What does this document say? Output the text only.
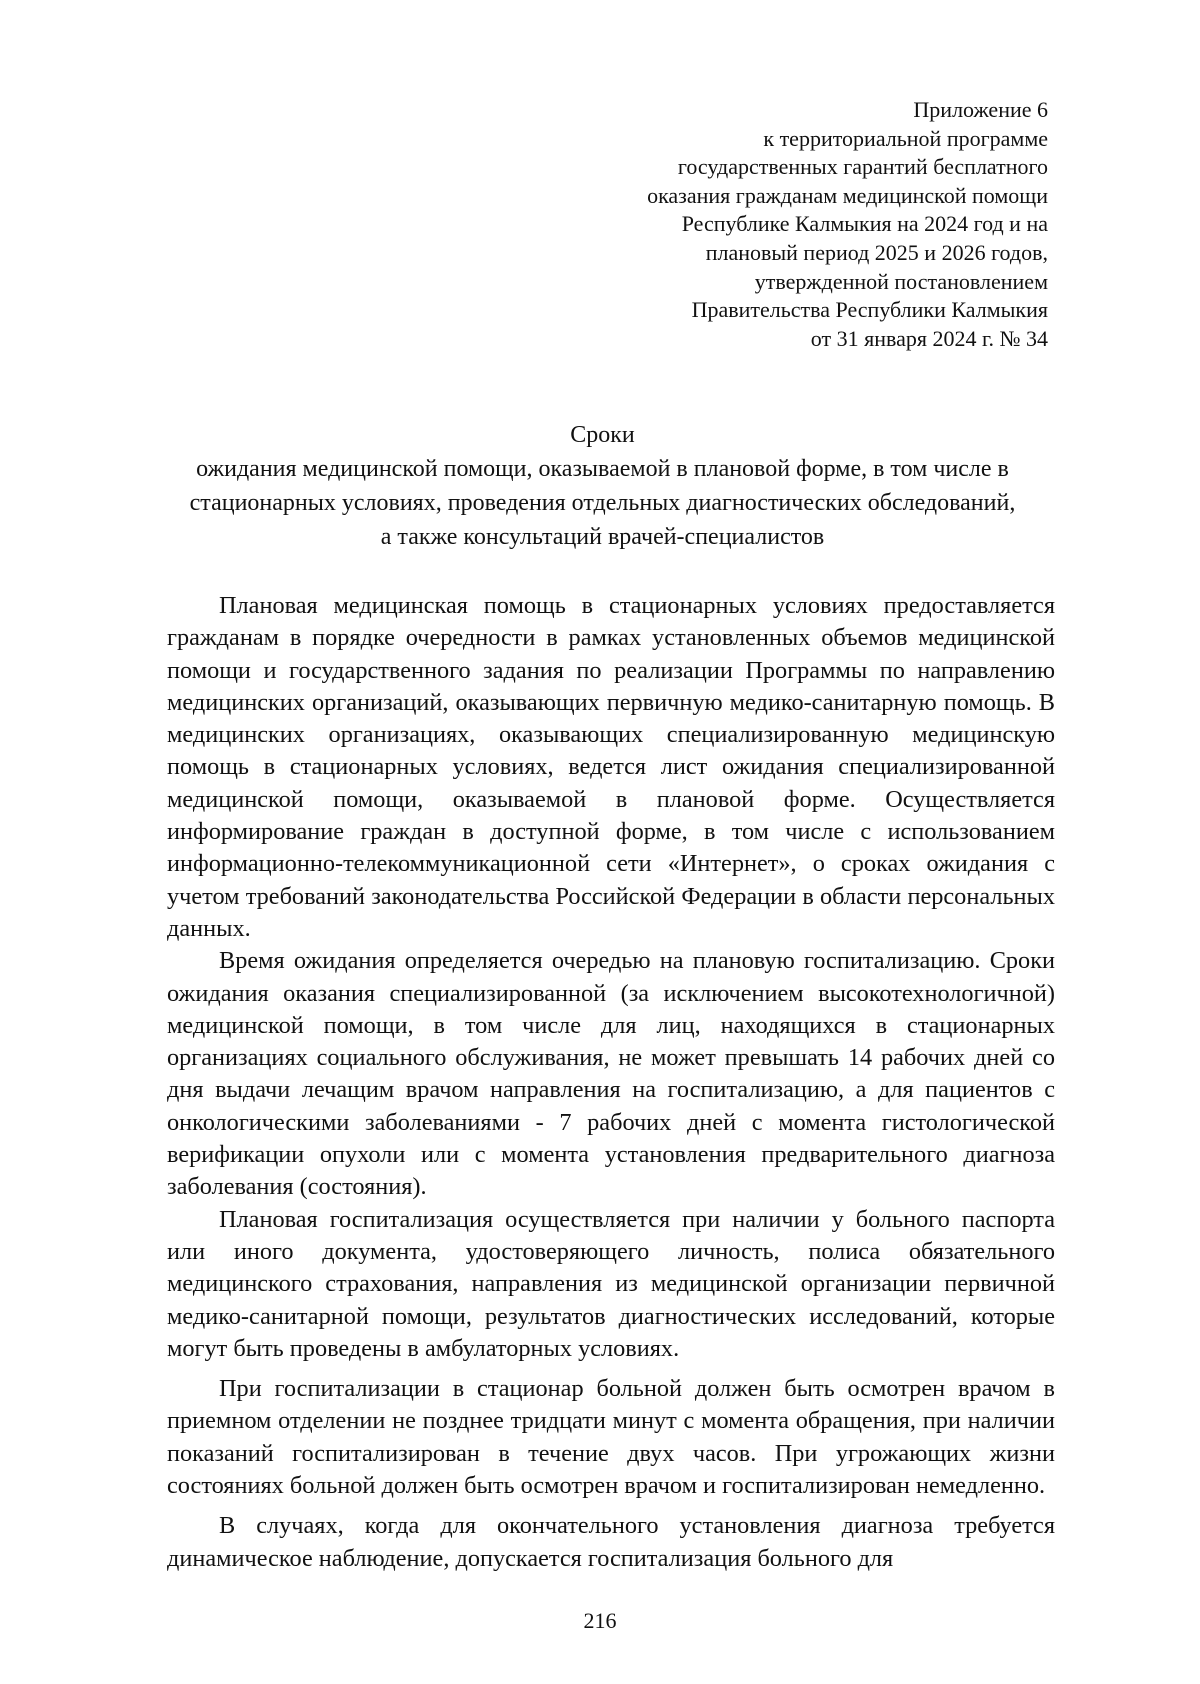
Приложение 6
к территориальной программе
государственных гарантий бесплатного
оказания гражданам медицинской помощи
Республике Калмыкия на 2024 год и на
плановый период 2025 и 2026 годов,
утвержденной постановлением
Правительства Республики Калмыкия
от 31 января 2024 г. № 34
Сроки
ожидания медицинской помощи, оказываемой в плановой форме, в том числе в
стационарных условиях, проведения отдельных диагностических обследований,
а также консультаций врачей-специалистов

Плановая медицинская помощь в стационарных условиях предоставляется гражданам в порядке очередности в рамках установленных объемов медицинской помощи и государственного задания по реализации Программы по направлению медицинских организаций, оказывающих первичную медико-санитарную помощь. В медицинских организациях, оказывающих специализированную медицинскую помощь в стационарных условиях, ведется лист ожидания специализированной медицинской помощи, оказываемой в плановой форме. Осуществляется информирование граждан в доступной форме, в том числе с использованием информационно-телекоммуникационной сети «Интернет», о сроках ожидания с учетом требований законодательства Российской Федерации в области персональных данных.

Время ожидания определяется очередью на плановую госпитализацию. Сроки ожидания оказания специализированной (за исключением высокотехнологичной) медицинской помощи, в том числе для лиц, находящихся в стационарных организациях социального обслуживания, не может превышать 14 рабочих дней со дня выдачи лечащим врачом направления на госпитализацию, а для пациентов с онкологическими заболеваниями - 7 рабочих дней с момента гистологической верификации опухоли или с момента установления предварительного диагноза заболевания (состояния).

Плановая госпитализация осуществляется при наличии у больного паспорта или иного документа, удостоверяющего личность, полиса обязательного медицинского страхования, направления из медицинской организации первичной медико-санитарной помощи, результатов диагностических исследований, которые могут быть проведены в амбулаторных условиях.

При госпитализации в стационар больной должен быть осмотрен врачом в приемном отделении не позднее тридцати минут с момента обращения, при наличии показаний госпитализирован в течение двух часов. При угрожающих жизни состояниях больной должен быть осмотрен врачом и госпитализирован немедленно.

В случаях, когда для окончательного установления диагноза требуется динамическое наблюдение, допускается госпитализация больного для

216
